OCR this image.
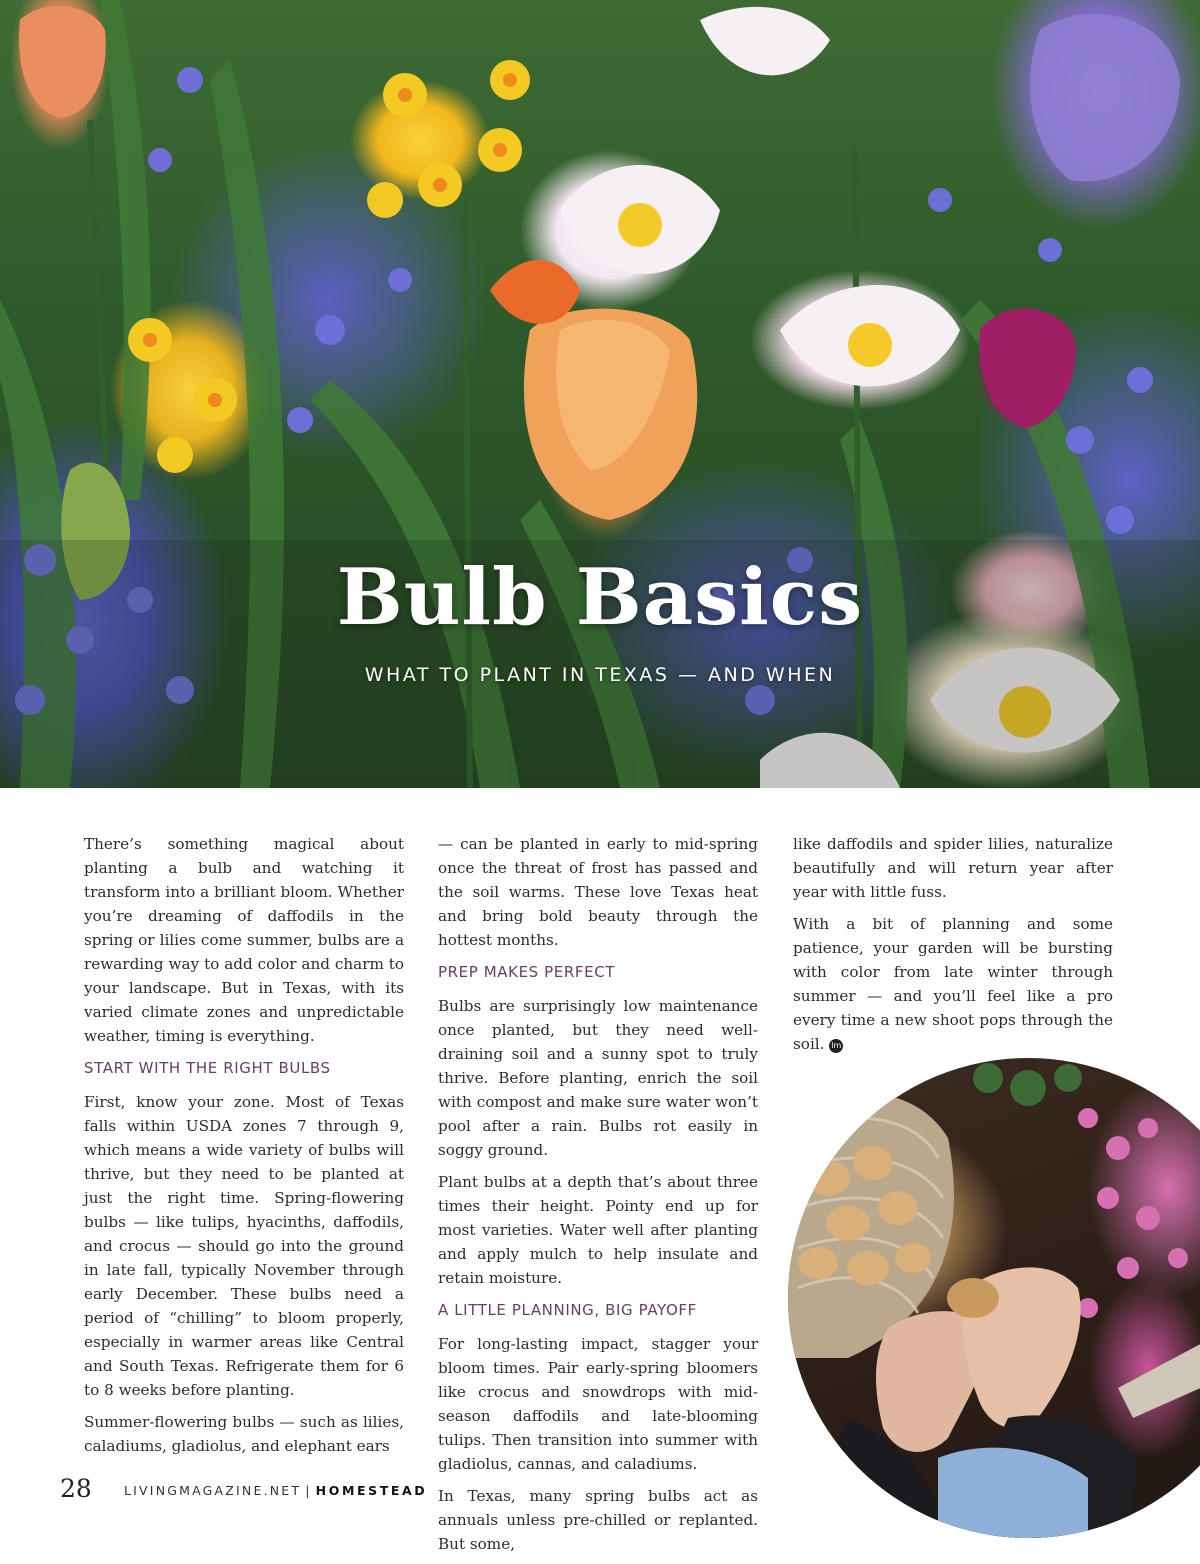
Bulb Basics
WHAT TO PLANT IN TEXAS — AND WHEN

There’s something magical about planting a bulb and watching it transform into a brilliant bloom. Whether you’re dreaming of daffodils in the spring or lilies come summer, bulbs are a rewarding way to add color and charm to your landscape. But in Texas, with its varied climate zones and unpredictable weather, timing is everything.

START WITH THE RIGHT BULBS

First, know your zone. Most of Texas falls within USDA zones 7 through 9, which means a wide variety of bulbs will thrive, but they need to be planted at just the right time. Spring-flowering bulbs — like tulips, hyacinths, daffodils, and crocus — should go into the ground in late fall, typically November through early December. These bulbs need a period of “chilling” to bloom properly, especially in warmer areas like Central and South Texas. Refrigerate them for 6 to 8 weeks before planting.

Summer-flowering bulbs — such as lilies, caladiums, gladiolus, and elephant ears

— can be planted in early to mid-spring once the threat of frost has passed and the soil warms. These love Texas heat and bring bold beauty through the hottest months.

PREP MAKES PERFECT

Bulbs are surprisingly low maintenance once planted, but they need well-draining soil and a sunny spot to truly thrive. Before planting, enrich the soil with compost and make sure water won’t pool after a rain. Bulbs rot easily in soggy ground.

Plant bulbs at a depth that’s about three times their height. Pointy end up for most varieties. Water well after planting and apply mulch to help insulate and retain moisture.

A LITTLE PLANNING, BIG PAYOFF

For long-lasting impact, stagger your bloom times. Pair early-spring bloomers like crocus and snowdrops with mid-season daffodils and late-blooming tulips. Then transition into summer with gladiolus, cannas, and caladiums.

In Texas, many spring bulbs act as annuals unless pre-chilled or replanted. But some,

like daffodils and spider lilies, naturalize beautifully and will return year after year with little fuss.

With a bit of planning and some patience, your garden will be bursting with color from late winter through summer — and you’ll feel like a pro every time a new shoot pops through the soil. lm

28	LIVINGMAGAZINE.NET | HOMESTEAD
